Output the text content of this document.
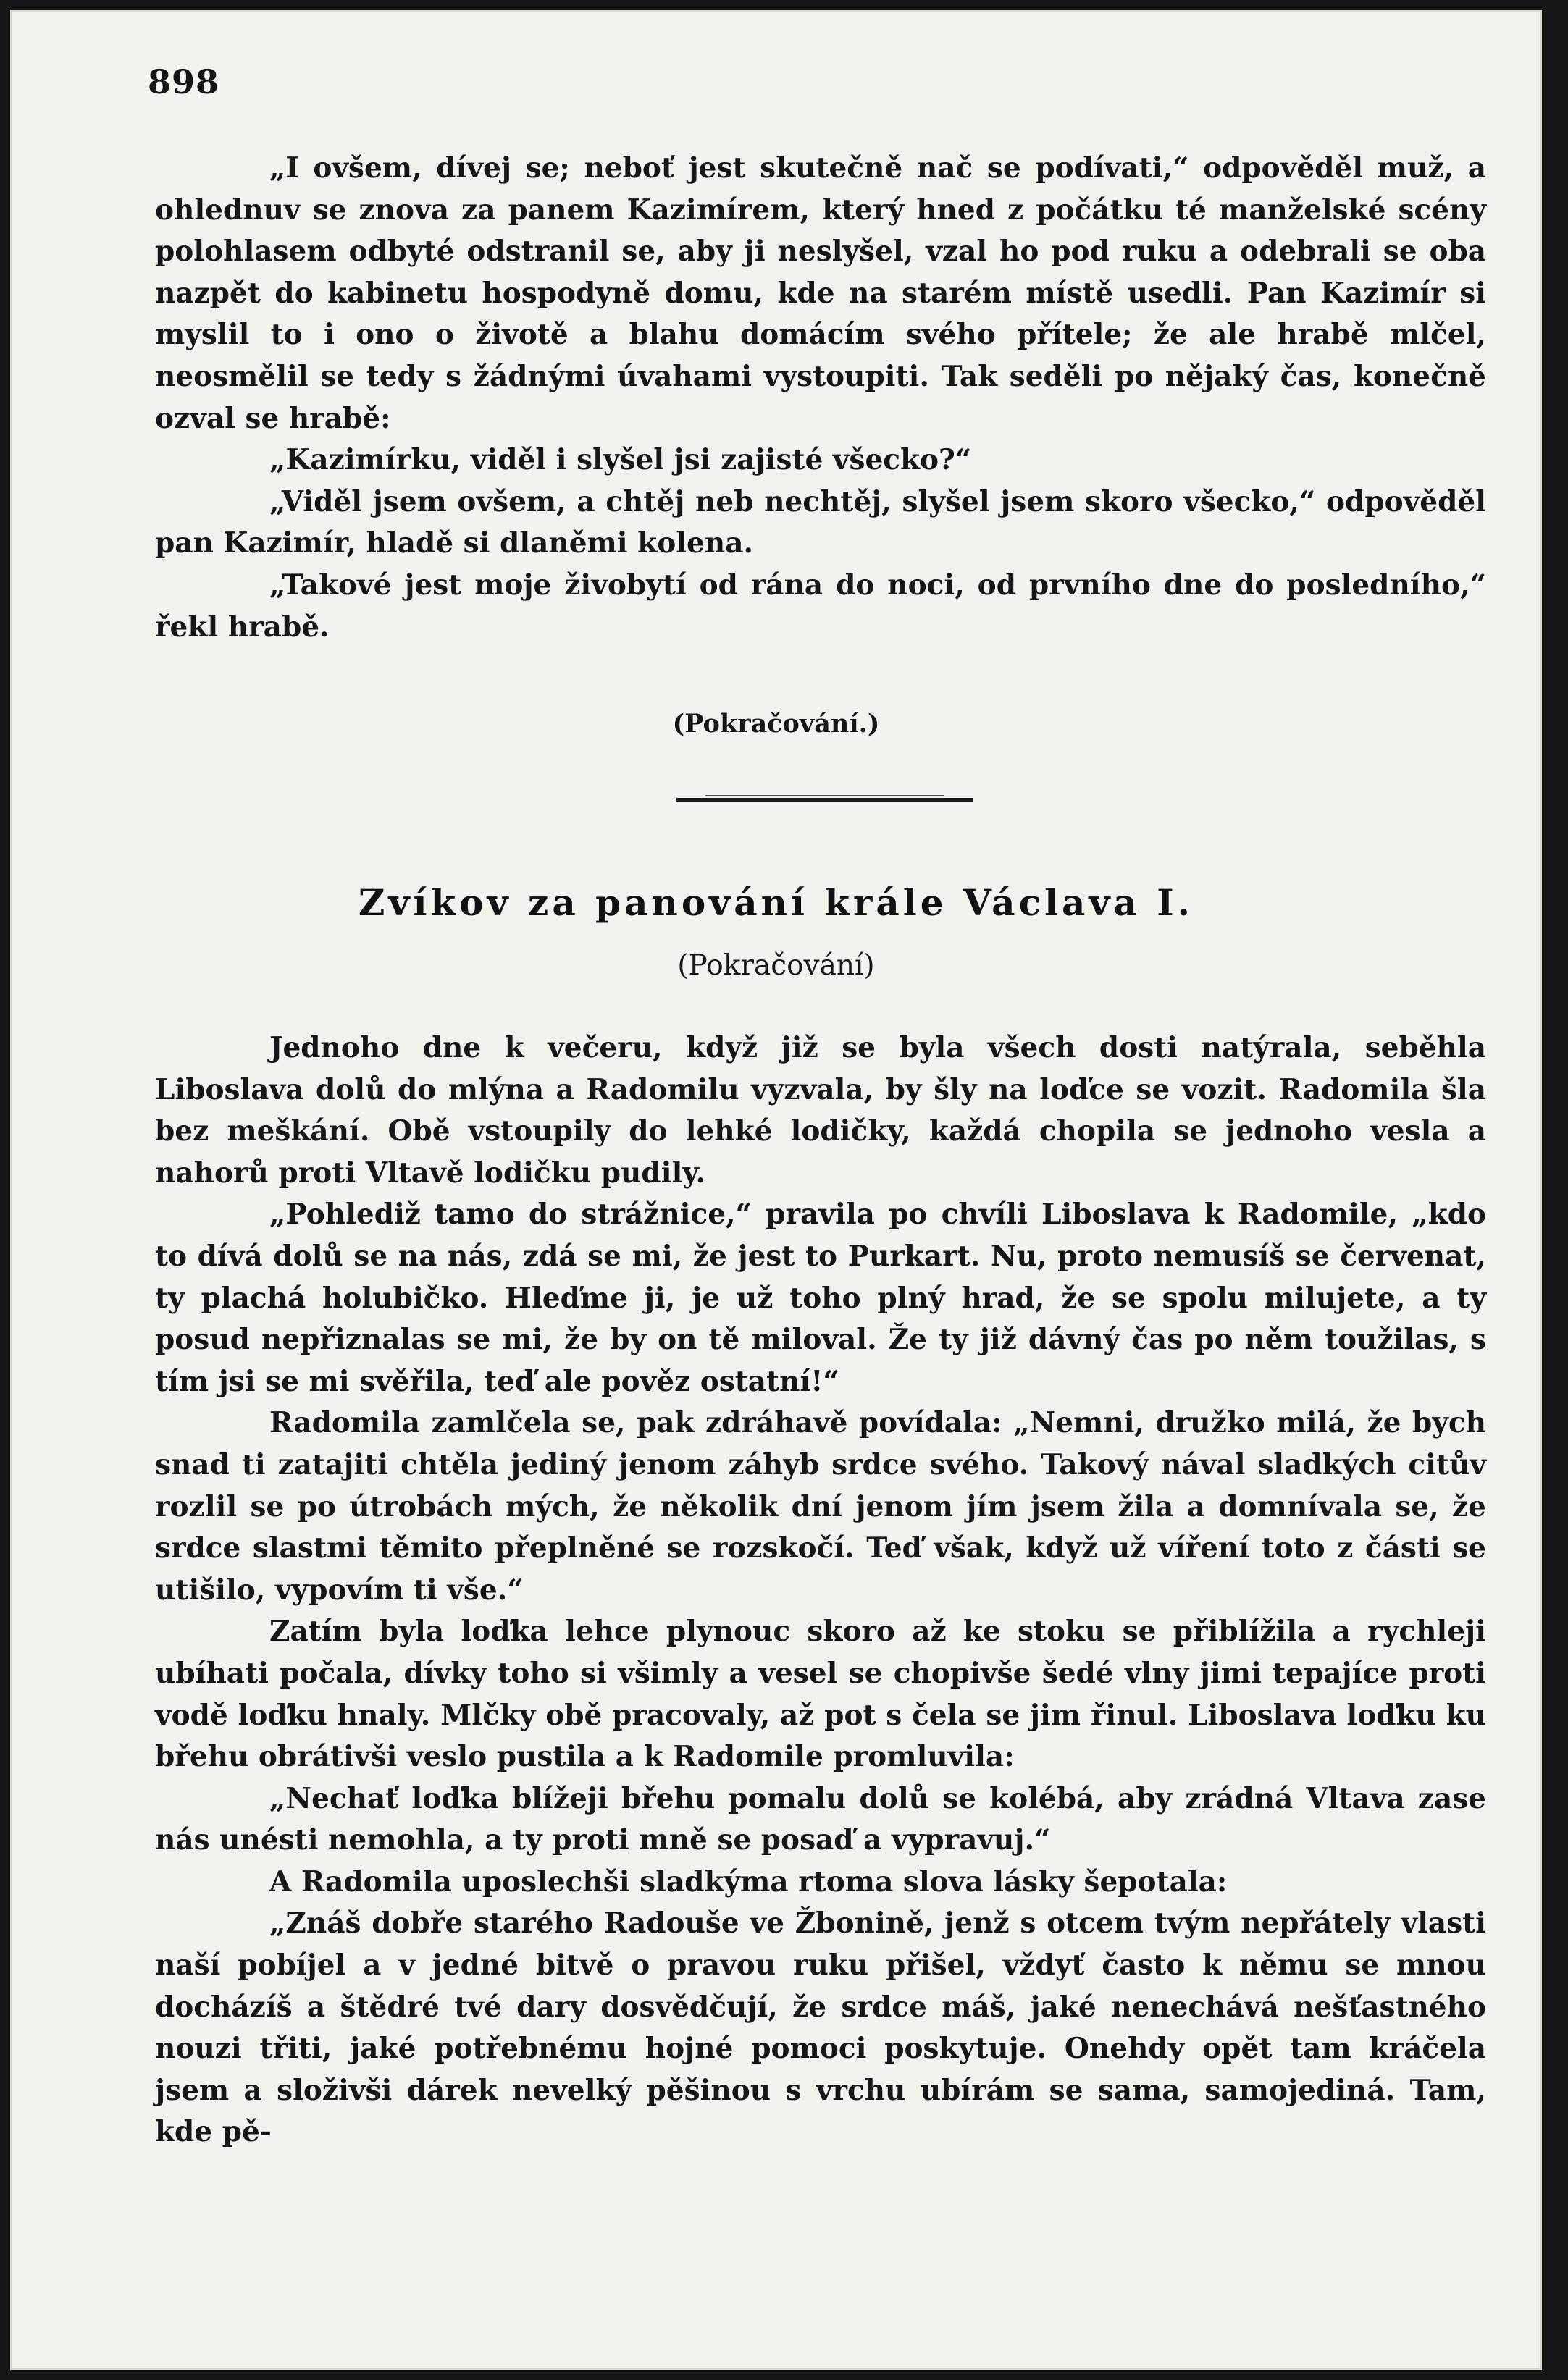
898

„I ovšem, dívej se; neboť jest skutečně nač se podívati,“ odpověděl muž, a ohlednuv se znova za panem Kazimírem, který hned z počátku té manželské scény polohlasem odbyté odstranil se, aby ji neslyšel, vzal ho pod ruku a odebrali se oba nazpět do kabinetu hospodyně domu, kde na starém místě usedli. Pan Kazimír si myslil to i ono o životě a blahu domácím svého přítele; že ale hrabě mlčel, neosmělil se tedy s žádnými úvahami vystoupiti. Tak seděli po nějaký čas, konečně ozval se hrabě:

„Kazimírku, viděl i slyšel jsi zajisté všecko?“

„Viděl jsem ovšem, a chtěj neb nechtěj, slyšel jsem skoro všecko,“ odpověděl pan Kazimír, hladě si dlaněmi kolena.

„Takové jest moje živobytí od rána do noci, od prvního dne do posledního,“ řekl hrabě.

(Pokračování.)
Zvíkov za panování krále Václava I.
(Pokračování)

Jednoho dne k večeru, když již se byla všech dosti natýrala, seběhla Liboslava dolů do mlýna a Radomilu vyzvala, by šly na loďce se vozit. Radomila šla bez meškání. Obě vstoupily do lehké lodičky, každá chopila se jednoho vesla a nahorů proti Vltavě lodičku pudily.

„Pohlediž tamo do strážnice,“ pravila po chvíli Liboslava k Radomile, „kdo to dívá dolů se na nás, zdá se mi, že jest to Purkart. Nu, proto nemusíš se červenat, ty plachá holubičko. Hleďme ji, je už toho plný hrad, že se spolu milujete, a ty posud nepřiznalas se mi, že by on tě miloval. Že ty již dávný čas po něm toužilas, s tím jsi se mi svěřila, teď ale pověz ostatní!“

Radomila zamlčela se, pak zdráhavě povídala: „Nemni, družko milá, že bych snad ti zatajiti chtěla jediný jenom záhyb srdce svého. Takový nával sladkých citův rozlil se po útrobách mých, že několik dní jenom jím jsem žila a domnívala se, že srdce slastmi těmito přeplněné se rozskočí. Teď však, když už víření toto z části se utišilo, vypovím ti vše.“

Zatím byla loďka lehce plynouc skoro až ke stoku se přiblížila a rychleji ubíhati počala, dívky toho si všimly a vesel se chopivše šedé vlny jimi tepajíce proti vodě loďku hnaly. Mlčky obě pracovaly, až pot s čela se jim řinul. Liboslava loďku ku břehu obrátivši veslo pustila a k Radomile promluvila:

„Nechať loďka blížeji břehu pomalu dolů se kolébá, aby zrádná Vltava zase nás unésti nemohla, a ty proti mně se posaď a vypravuj.“

A Radomila uposlechši sladkýma rtoma slova lásky šepotala:

„Znáš dobře starého Radouše ve Žbonině, jenž s otcem tvým nepřátely vlasti naší pobíjel a v jedné bitvě o pravou ruku přišel, vždyť často k němu se mnou docházíš a štědré tvé dary dosvědčují, že srdce máš, jaké nenechává nešťastného nouzi třiti, jaké potřebnému hojné pomoci poskytuje. Onehdy opět tam kráčela jsem a složivši dárek nevelký pěšinou s vrchu ubírám se sama, samojediná. Tam, kde pě-
